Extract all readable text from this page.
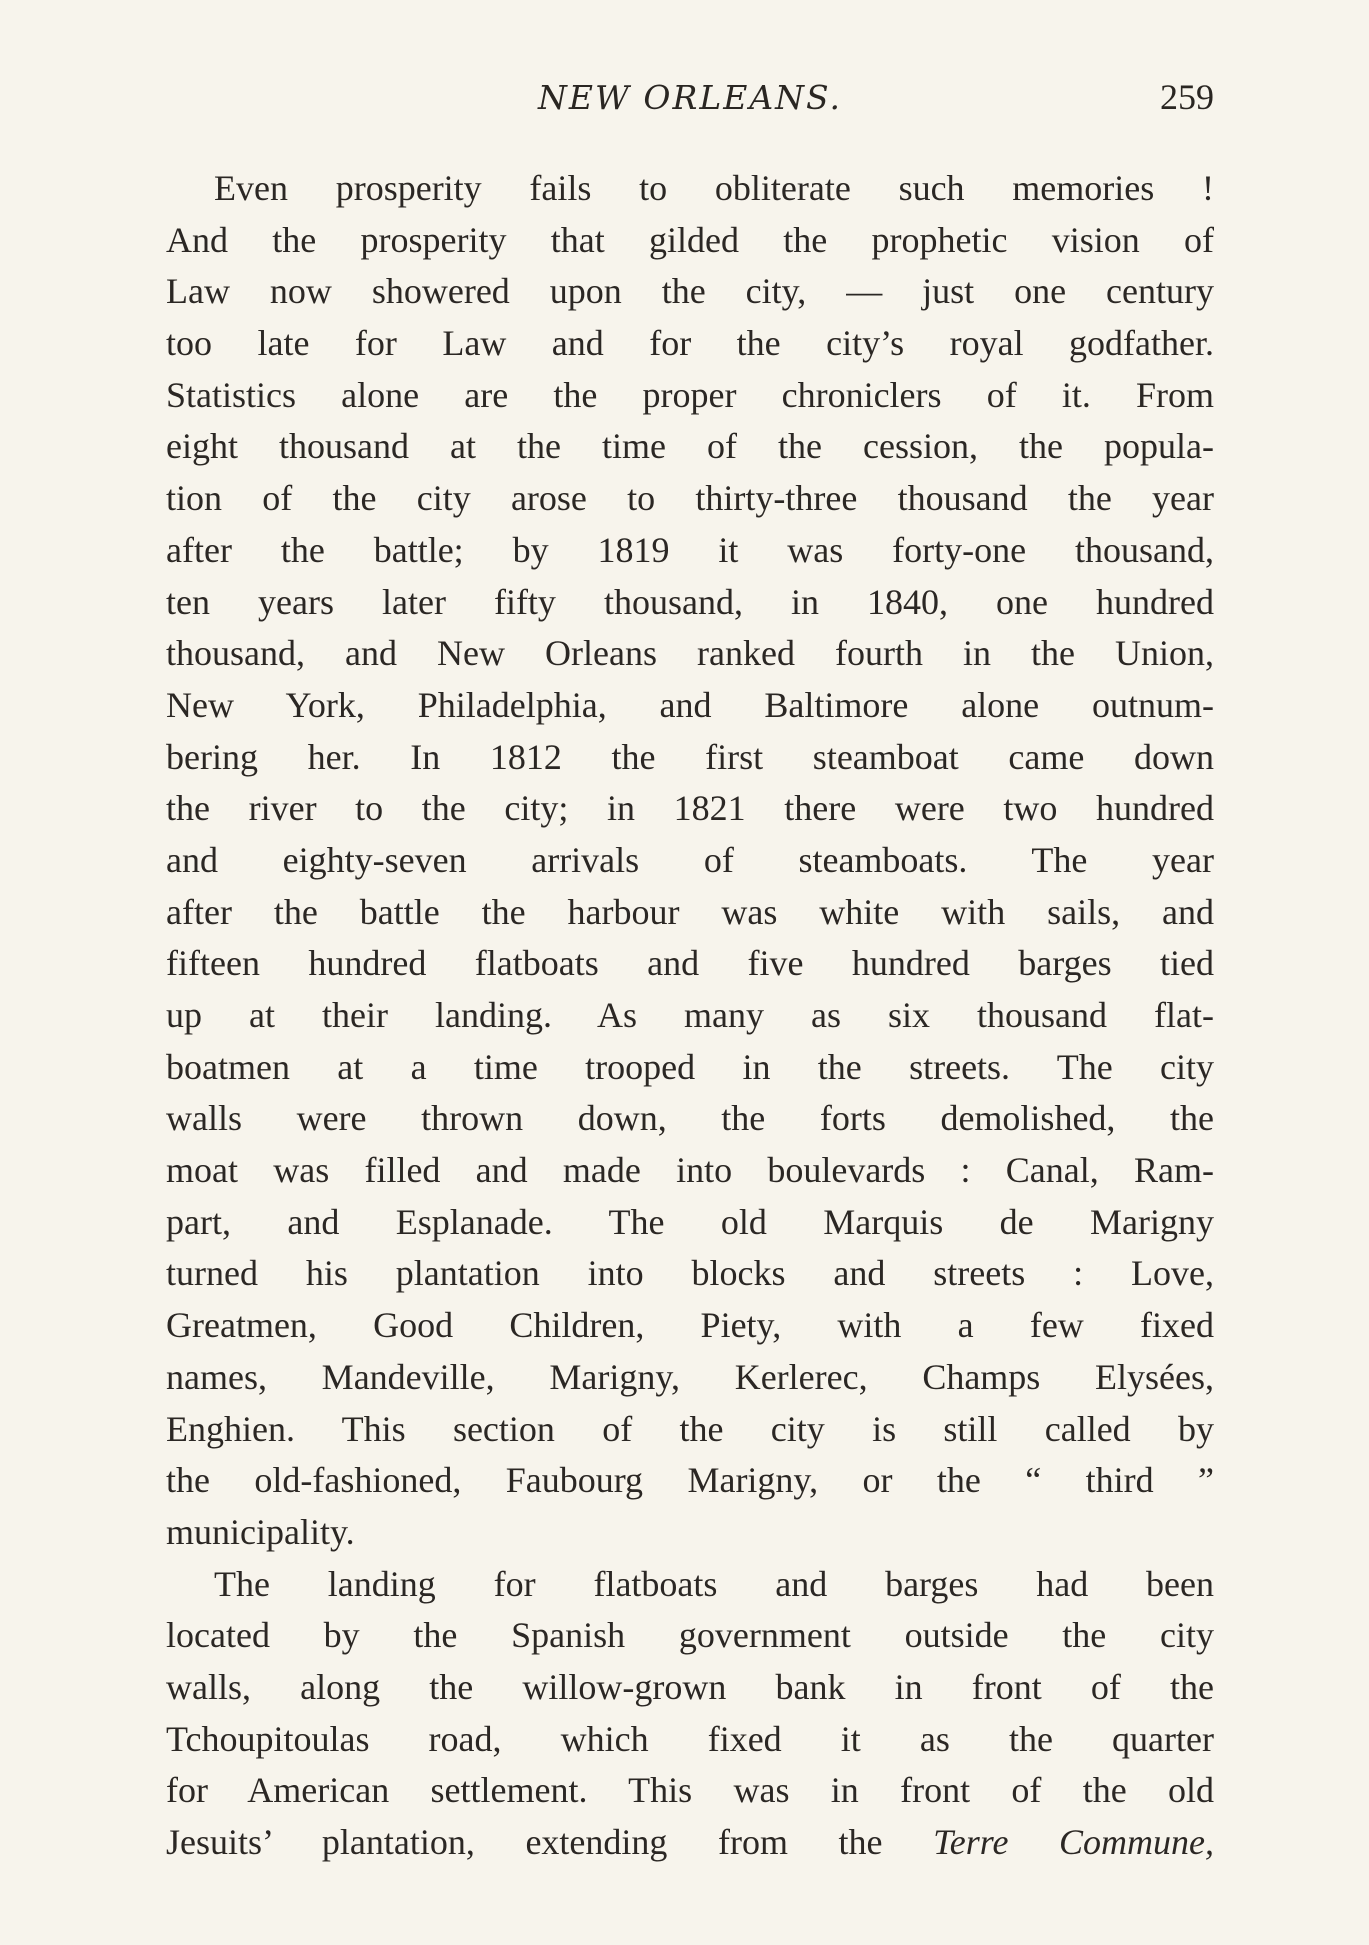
NEW ORLEANS.	259
Even prosperity fails to obliterate such memories !
And the prosperity that gilded the prophetic vision of
Law now showered upon the city, — just one century
too late for Law and for the city’s royal godfather.
Statistics alone are the proper chroniclers of it. From
eight thousand at the time of the cession, the popula-
tion of the city arose to thirty-three thousand the year
after the battle; by 1819 it was forty-one thousand,
ten years later fifty thousand, in 1840, one hundred
thousand, and New Orleans ranked fourth in the Union,
New York, Philadelphia, and Baltimore alone outnum-
bering her. In 1812 the first steamboat came down
the river to the city; in 1821 there were two hundred
and eighty-seven arrivals of steamboats. The year
after the battle the harbour was white with sails, and
fifteen hundred flatboats and five hundred barges tied
up at their landing. As many as six thousand flat-
boatmen at a time trooped in the streets. The city
walls were thrown down, the forts demolished, the
moat was filled and made into boulevards : Canal, Ram-
part, and Esplanade. The old Marquis de Marigny
turned his plantation into blocks and streets : Love,
Greatmen, Good Children, Piety, with a few fixed
names, Mandeville, Marigny, Kerlerec, Champs Elysées,
Enghien. This section of the city is still called by
the old-fashioned, Faubourg Marigny, or the “ third ”
municipality.
The landing for flatboats and barges had been
located by the Spanish government outside the city
walls, along the willow-grown bank in front of the
Tchoupitoulas road, which fixed it as the quarter
for American settlement. This was in front of the old
Jesuits’ plantation, extending from the Terre Commune,
